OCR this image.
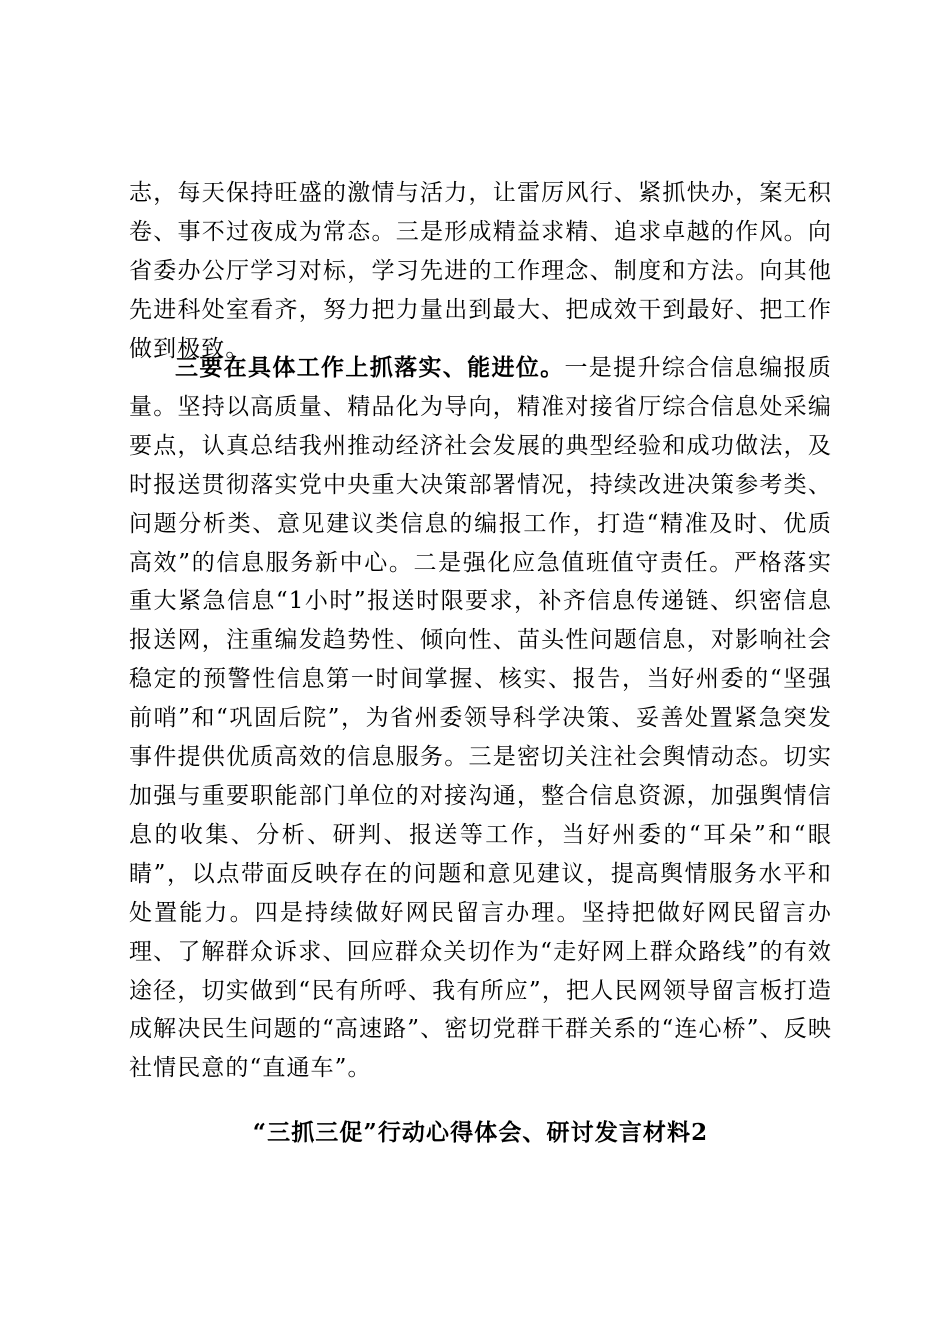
志，每天保持旺盛的激情与活力，让雷厉风行、紧抓快办，案无积卷、事不过夜成为常态。三是形成精益求精、追求卓越的作风。向省委办公厅学习对标，学习先进的工作理念、制度和方法。向其他先进科处室看齐，努力把力量出到最大、把成效干到最好、把工作做到极致。

三要在具体工作上抓落实、能进位。一是提升综合信息编报质量。坚持以高质量、精品化为导向，精准对接省厅综合信息处采编要点，认真总结我州推动经济社会发展的典型经验和成功做法，及时报送贯彻落实党中央重大决策部署情况，持续改进决策参考类、问题分析类、意见建议类信息的编报工作，打造“精准及时、优质高效”的信息服务新中心。二是强化应急值班值守责任。严格落实重大紧急信息“1小时”报送时限要求，补齐信息传递链、织密信息报送网，注重编发趋势性、倾向性、苗头性问题信息，对影响社会稳定的预警性信息第一时间掌握、核实、报告，当好州委的“坚强前哨”和“巩固后院”，为省州委领导科学决策、妥善处置紧急突发事件提供优质高效的信息服务。三是密切关注社会舆情动态。切实加强与重要职能部门单位的对接沟通，整合信息资源，加强舆情信息的收集、分析、研判、报送等工作，当好州委的“耳朵”和“眼睛”，以点带面反映存在的问题和意见建议，提高舆情服务水平和处置能力。四是持续做好网民留言办理。坚持把做好网民留言办理、了解群众诉求、回应群众关切作为“走好网上群众路线”的有效途径，切实做到“民有所呼、我有所应”，把人民网领导留言板打造成解决民生问题的“高速路”、密切党群干群关系的“连心桥”、反映社情民意的“直通车”。

“三抓三促”行动心得体会、研讨发言材料2
